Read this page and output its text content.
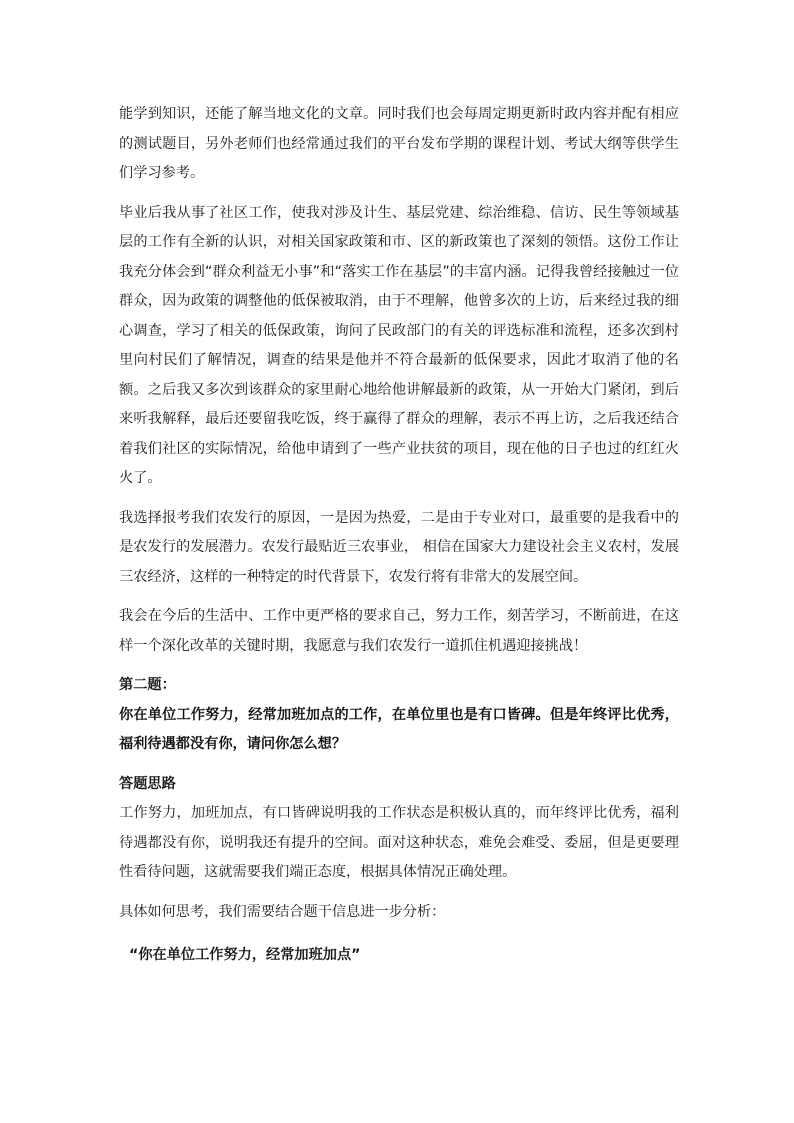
能学到知识，还能了解当地文化的文章。同时我们也会每周定期更新时政内容并配有相应的测试题目，另外老师们也经常通过我们的平台发布学期的课程计划、考试大纲等供学生们学习参考。

毕业后我从事了社区工作，使我对涉及计生、基层党建、综治维稳、信访、民生等领域基层的工作有全新的认识，对相关国家政策和市、区的新政策也了深刻的领悟。这份工作让我充分体会到“群众利益无小事”和“落实工作在基层”的丰富内涵。记得我曾经接触过一位群众，因为政策的调整他的低保被取消，由于不理解，他曾多次的上访，后来经过我的细心调查，学习了相关的低保政策，询问了民政部门的有关的评选标准和流程，还多次到村里向村民们了解情况，调查的结果是他并不符合最新的低保要求，因此才取消了他的名额。之后我又多次到该群众的家里耐心地给他讲解最新的政策，从一开始大门紧闭，到后来听我解释，最后还要留我吃饭，终于赢得了群众的理解，表示不再上访，之后我还结合着我们社区的实际情况，给他申请到了一些产业扶贫的项目，现在他的日子也过的红红火火了。

我选择报考我们农发行的原因，一是因为热爱，二是由于专业对口，最重要的是我看中的是农发行的发展潜力。农发行最贴近三农事业， 相信在国家大力建设社会主义农村，发展三农经济，这样的一种特定的时代背景下，农发行将有非常大的发展空间。

我会在今后的生活中、工作中更严格的要求自己，努力工作，刻苦学习，不断前进，在这样一个深化改革的关键时期，我愿意与我们农发行一道抓住机遇迎接挑战！

第二题：

你在单位工作努力，经常加班加点的工作，在单位里也是有口皆碑。但是年终评比优秀，福利待遇都没有你，请问你怎么想？

答题思路

工作努力，加班加点，有口皆碑说明我的工作状态是积极认真的，而年终评比优秀，福利待遇都没有你，说明我还有提升的空间。面对这种状态，难免会难受、委屈，但是更要理性看待问题，这就需要我们端正态度，根据具体情况正确处理。

具体如何思考，我们需要结合题干信息进一步分析：

“你在单位工作努力，经常加班加点”
